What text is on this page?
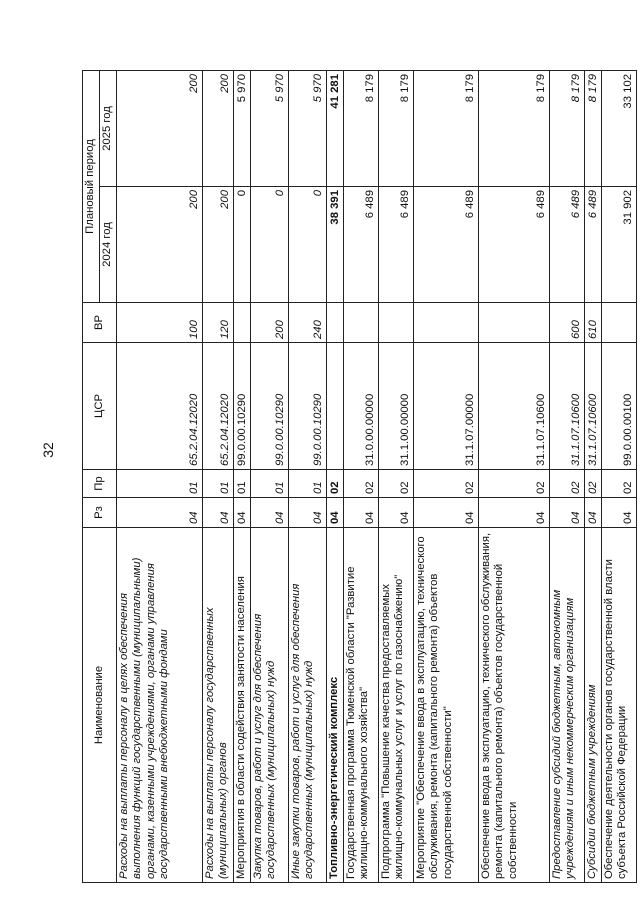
32
Наименование	Рз	Пр	ЦСР	ВР	Плановый период	
					2024 год	2025 год
Расходы на выплаты персоналу в целях обеспечения выполнения функций государственными (муниципальными) органами, казенными учреждениями, органами управления государственными внебюджетными фондами	04	01	65.2.04.12020	100	200	200
Расходы на выплаты персоналу государственных (муниципальных) органов	04	01	65.2.04.12020	120	200	200
Мероприятия в области содействия занятости населения	04	01	99.0.00.10290		0	5 970
Закупка товаров, работ и услуг для обеспечения государственных (муниципальных) нужд	04	01	99.0.00.10290	200	0	5 970
Иные закупки товаров, работ и услуг для обеспечения государственных (муниципальных) нужд	04	01	99.0.00.10290	240	0	5 970
Топливно-энергетический комплекс	04	02			38 391	41 281
Государственная программа Тюменской области "Развитие жилищно-коммунального хозяйства"	04	02	31.0.00.00000		6 489	8 179
Подпрограмма "Повышение качества предоставляемых жилищно-коммунальных услуг и услуг по газоснабжению"	04	02	31.1.00.00000		6 489	8 179
Мероприятие "Обеспечение ввода в эксплуатацию, технического обслуживания, ремонта (капитального ремонта) объектов государственной собственности"	04	02	31.1.07.00000		6 489	8 179
Обеспечение ввода в эксплуатацию, технического обслуживания, ремонта (капитального ремонта) объектов государственной собственности	04	02	31.1.07.10600		6 489	8 179
Предоставление субсидий бюджетным, автономным учреждениям и иным некоммерческим организациям	04	02	31.1.07.10600	600	6 489	8 179
Субсидии бюджетным учреждениям	04	02	31.1.07.10600	610	6 489	8 179
Обеспечение деятельности органов государственной власти субъекта Российской Федерации	04	02	99.0.00.00100		31 902	33 102
